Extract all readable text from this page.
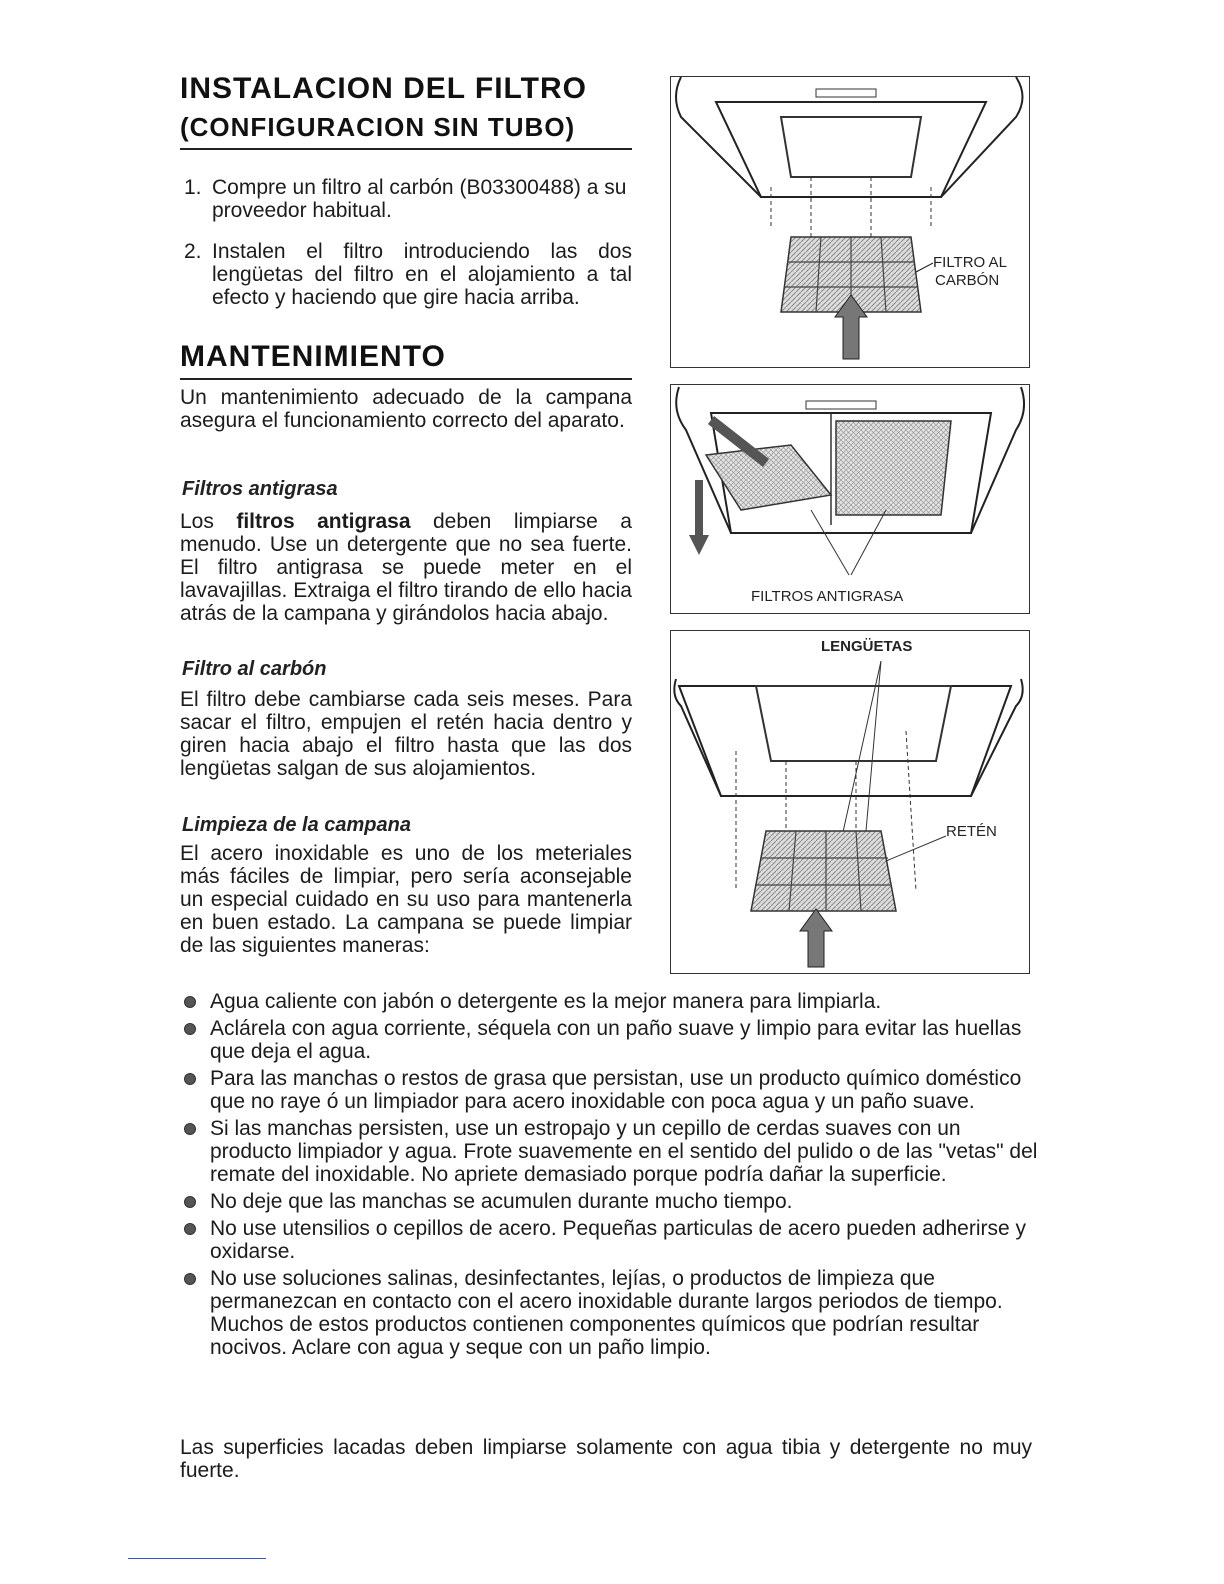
INSTALACION DEL FILTRO
(CONFIGURACION SIN TUBO)
1. Compre un filtro al carbón (B03300488) a su proveedor habitual.

2. Instalen el filtro introduciendo las dos lengüetas del filtro en el alojamiento a tal efecto y haciendo que gire hacia arriba.

MANTENIMIENTO

Un mantenimiento adecuado de la campana asegura el funcionamiento correcto del aparato.

Filtros antigrasa

Los filtros antigrasa deben limpiarse a menudo. Use un detergente que no sea fuerte. El filtro antigrasa se puede meter en el lavavajillas. Extraiga el filtro tirando de ello hacia atrás de la campana y girándolos hacia abajo.

Filtro al carbón

El filtro debe cambiarse cada seis meses. Para sacar el filtro, empujen el retén hacia dentro y giren hacia abajo el filtro hasta que las dos lengüetas salgan de sus alojamientos.

Limpieza de la campana

El acero inoxidable es uno de los meteriales más fáciles de limpiar, pero sería aconsejable un especial cuidado en su uso para mantenerla en buen estado. La campana se puede limpiar de las siguientes maneras:

Agua caliente con jabón o detergente es la mejor manera para limpiarla.
Aclárela con agua corriente, séquela con un paño suave y limpio para evitar las huellas que deja el agua.
Para las manchas o restos de grasa que persistan, use un producto químico doméstico que no raye ó un limpiador para acero inoxidable con poca agua y un paño suave.
Si las manchas persisten, use un estropajo y un cepillo de cerdas suaves con un producto limpiador y agua. Frote suavemente en el sentido del pulido o de las "vetas" del remate del inoxidable. No apriete demasiado porque podría dañar la superficie.
No deje que las manchas se acumulen durante mucho tiempo.
No use utensilios o cepillos de acero. Pequeñas particulas de acero pueden adherirse y oxidarse.
No use soluciones salinas, desinfectantes, lejías, o productos de limpieza que permanezcan en contacto con el acero inoxidable durante largos periodos de tiempo. Muchos de estos productos contienen componentes químicos que podrían resultar nocivos. Aclare con agua y seque con un paño limpio.

Las superficies lacadas deben limpiarse solamente con agua tibia y detergente no muy fuerte.

FILTRO AL
CARBÓN
FILTROS ANTIGRASA
LENGÜETAS
RETÉN
